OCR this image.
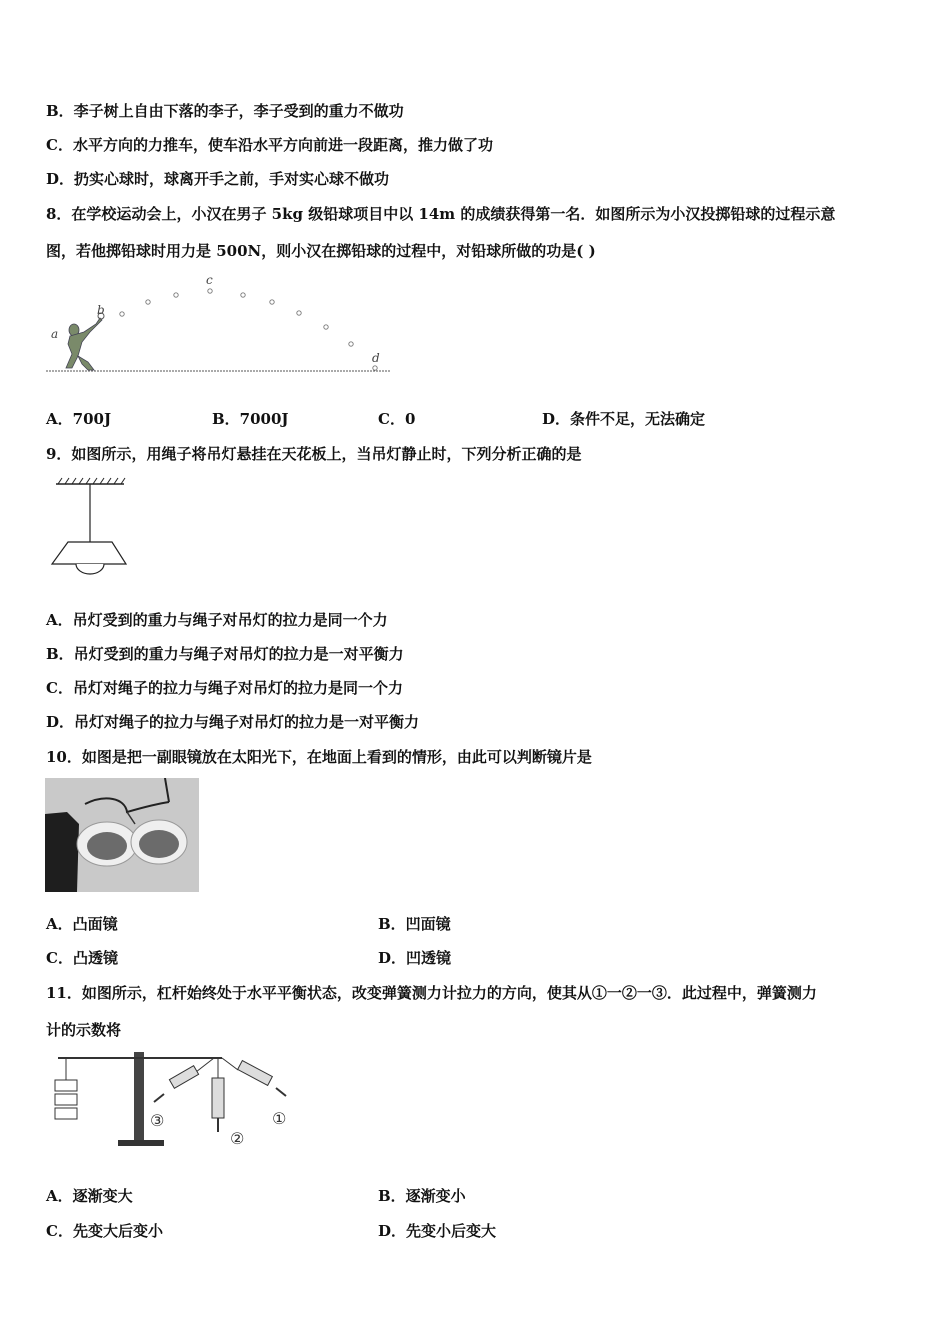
B．李子树上自由下落的李子，李子受到的重力不做功
C．水平方向的力推车，使车沿水平方向前进一段距离，推力做了功
D．扔实心球时，球离开手之前，手对实心球不做功
8．在学校运动会上，小汉在男子 5kg 级铅球项目中以 14m 的成绩获得第一名．如图所示为小汉投掷铅球的过程示意
图，若他掷铅球时用力是 500N，则小汉在掷铅球的过程中，对铅球所做的功是( )
a
b
c
d
A．700J	B．7000J	C．0	D．条件不足，无法确定
9．如图所示，用绳子将吊灯悬挂在天花板上，当吊灯静止时，下列分析正确的是
A．吊灯受到的重力与绳子对吊灯的拉力是同一个力
B．吊灯受到的重力与绳子对吊灯的拉力是一对平衡力
C．吊灯对绳子的拉力与绳子对吊灯的拉力是同一个力
D．吊灯对绳子的拉力与绳子对吊灯的拉力是一对平衡力
10．如图是把一副眼镜放在太阳光下，在地面上看到的情形，由此可以判断镜片是
A．凸面镜	B．凹面镜
C．凸透镜	D．凹透镜
11．如图所示，杠杆始终处于水平平衡状态，改变弹簧测力计拉力的方向，使其从①一②一③．此过程中，弹簧测力
计的示数将
③
②
①
A．逐渐变大	B．逐渐变小
C．先变大后变小	D．先变小后变大
